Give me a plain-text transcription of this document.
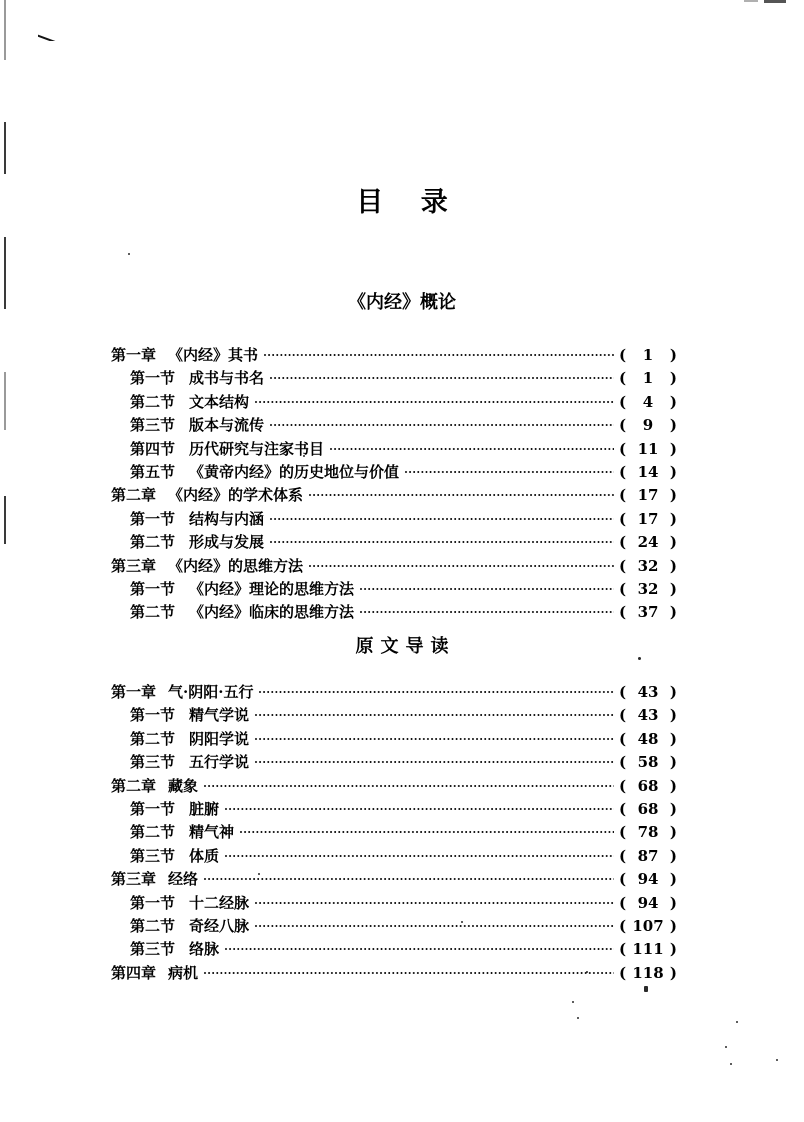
目 录
《内经》概论
第一章 《内经》其书	(	1	)
第一节 成书与书名	(	1	)
第二节 文本结构	(	4	)
第三节 版本与流传	(	9	)
第四节 历代研究与注家书目	( 11 )
第五节 《黄帝内经》的历史地位与价值	( 14 )
第二章 《内经》的学术体系	( 17 )
第一节 结构与内涵	( 17 )
第二节 形成与发展	( 24 )
第三章 《内经》的思维方法	( 32 )
第一节 《内经》理论的思维方法	( 32 )
第二节 《内经》临床的思维方法	( 37 )
原文导读
第一章 气·阴阳·五行	( 43 )
第一节 精气学说	( 43 )
第二节 阴阳学说	( 48 )
第三节 五行学说	( 58 )
第二章 藏象	( 68 )
第一节 脏腑	( 68 )
第二节 精气神	( 78 )
第三节 体质	( 87 )
第三章 经络	( 94 )
第一节 十二经脉	( 94 )
第二节 奇经八脉	( 107 )
第三节 络脉	( 111 )
第四章 病机	( 118 )
